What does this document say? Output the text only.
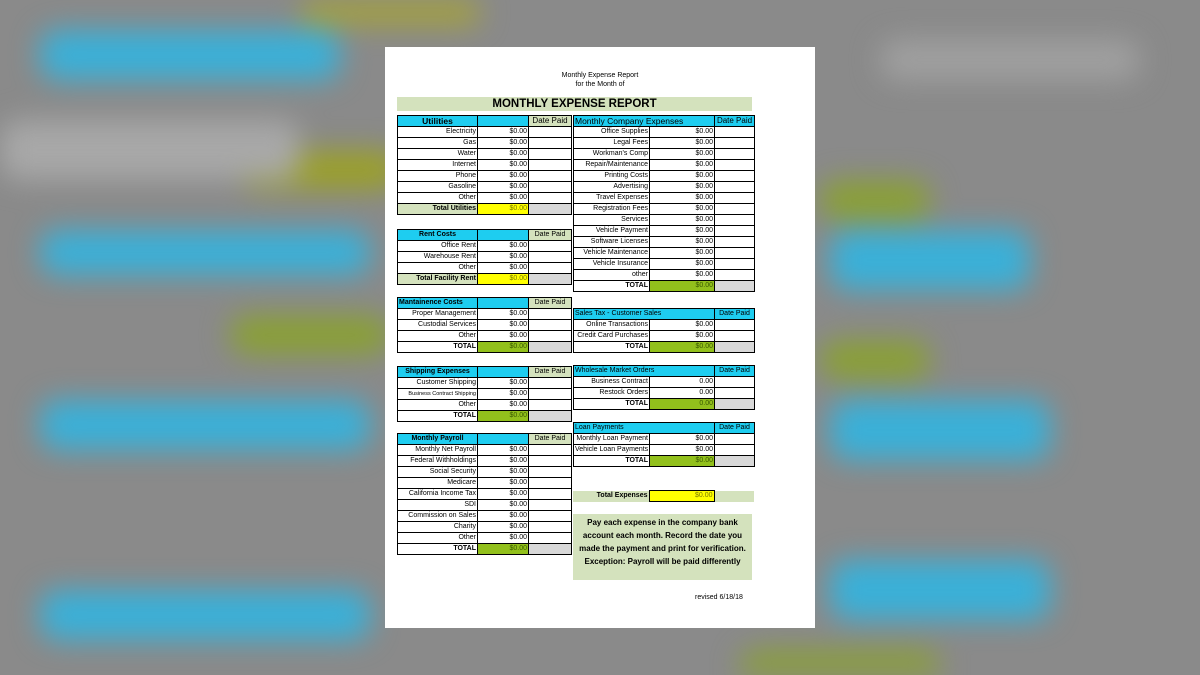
Monthly Expense Report
for the Month of
MONTHLY EXPENSE REPORT
Utilities		Date Paid
Electricity	$0.00	
Gas	$0.00	
Water	$0.00	
Internet	$0.00	
Phone	$0.00	
Gasoline	$0.00	
Other	$0.00	
Total Utilities	$0.00	
Rent Costs		Date Paid
Office Rent	$0.00	
Warehouse Rent	$0.00	
Other	$0.00	
Total Facility Rent	$0.00	
Mantainence Costs		Date Paid
Proper Management	$0.00	
Custodial Services	$0.00	
Other	$0.00	
TOTAL	$0.00	
Shipping Expenses		Date Paid
Customer Shipping	$0.00	
Business Contract Shipping	$0.00	
Other	$0.00	
TOTAL	$0.00	
Monthly Payroll		Date Paid
Monthly Net Payroll	$0.00	
Federal Withholdings	$0.00	
Social Security	$0.00	
Medicare	$0.00	
California Income Tax	$0.00	
SDI	$0.00	
Commission on Sales	$0.00	
Charity	$0.00	
Other	$0.00	
TOTAL	$0.00	
Monthly Company Expenses		Date Paid
Office Supplies	$0.00	
Legal Fees	$0.00	
Workman's Comp	$0.00	
Repair/Maintenance	$0.00	
Printing Costs	$0.00	
Advertising	$0.00	
Travel Expenses	$0.00	
Registration Fees	$0.00	
Services	$0.00	
Vehicle Payment	$0.00	
Software Licenses	$0.00	
Vehicle Maintenance	$0.00	
Vehicle Insurance	$0.00	
other	$0.00	
TOTAL	$0.00	
Sales Tax - Customer Sales		Date Paid
Online Transactions	$0.00	
Credit Card Purchases	$0.00	
TOTAL	$0.00	
Wholesale Market Orders		Date Paid
Business Contract	0.00	
Restock Orders	0.00	
TOTAL	0.00	
Loan Payments		Date Paid
Monthly Loan Payment	$0.00	
Vehicle Loan Payments	$0.00	
TOTAL	$0.00	
Total Expenses	$0.00	
Pay each expense in the company bank account each month. Record the date you made the payment and print for verification. Exception: Payroll will be paid differently
revised 6/18/18
